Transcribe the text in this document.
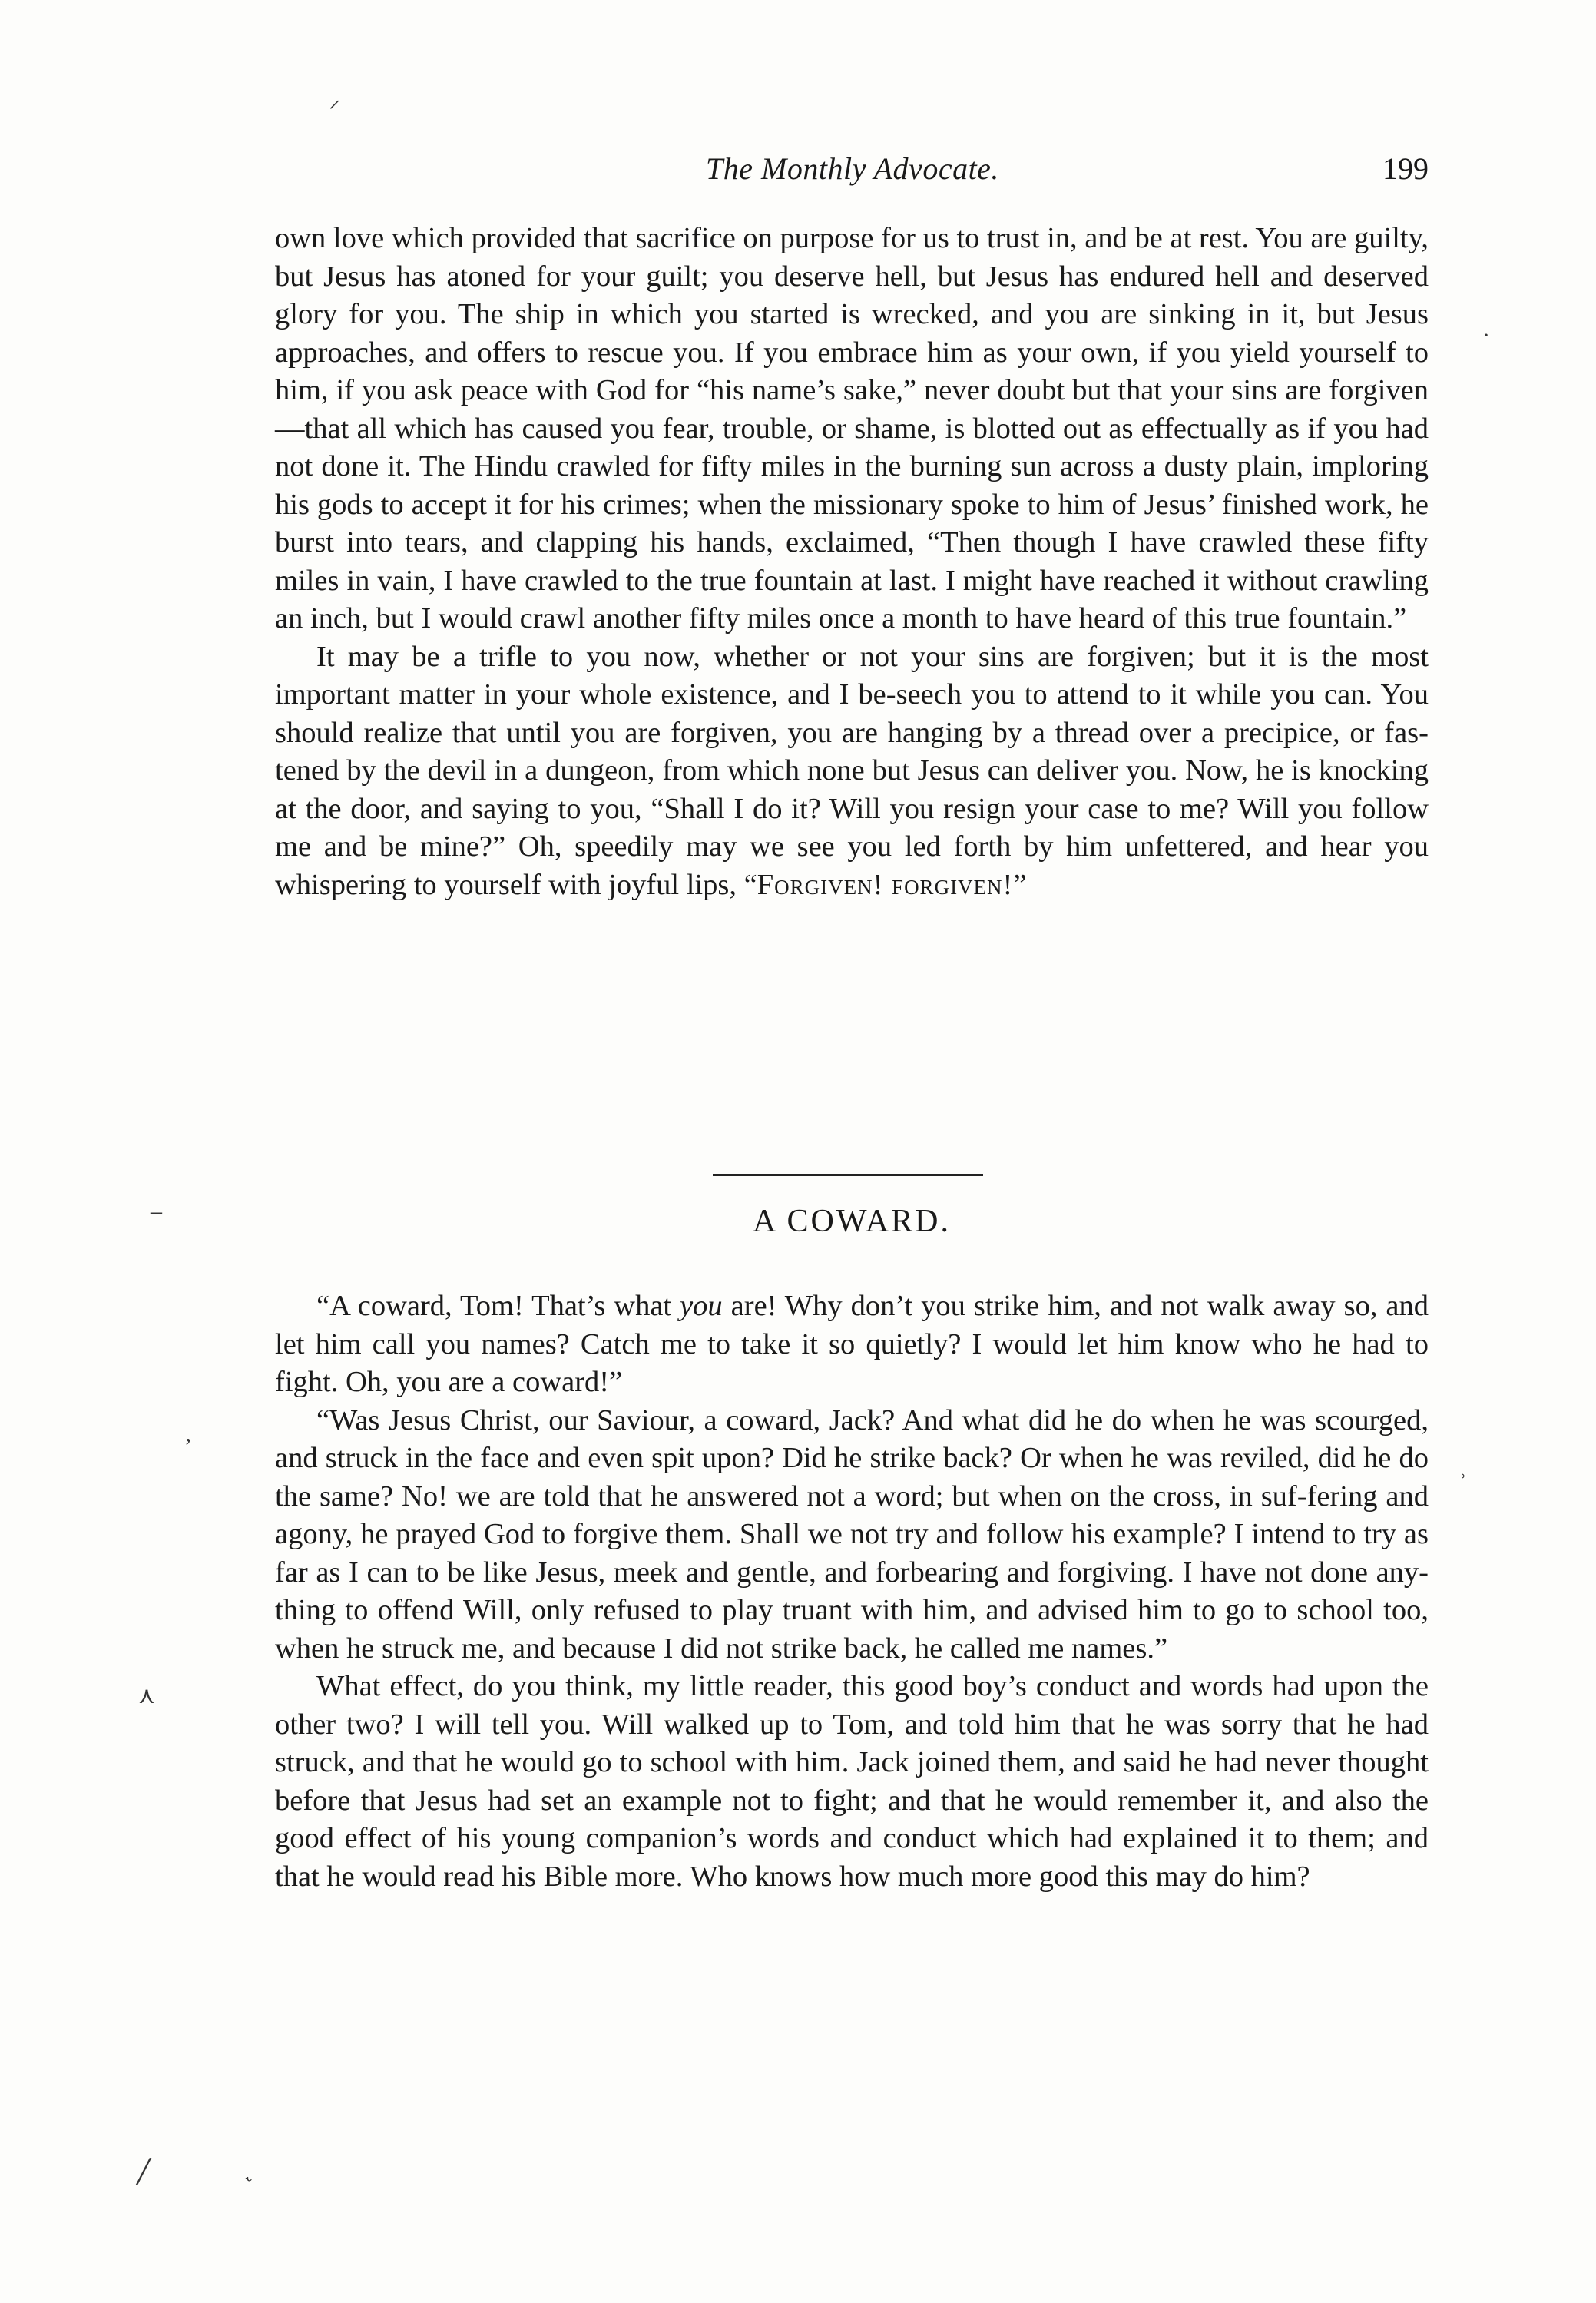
The Monthly Advocate.	199

own love which provided that sacrifice on purpose for us to trust in, and be at rest. You are guilty, but Jesus has atoned for your guilt; you deserve hell, but Jesus has endured hell and deserved glory for you. The ship in which you started is wrecked, and you are sinking in it, but Jesus approaches, and offers to rescue you. If you embrace him as your own, if you yield yourself to him, if you ask peace with God for “his name’s sake,” never doubt but that your sins are forgiven—that all which has caused you fear, trouble, or shame, is blotted out as effectually as if you had not done it. The Hindu crawled for fifty miles in the burning sun across a dusty plain, imploring his gods to accept it for his crimes; when the missionary spoke to him of Jesus’ finished work, he burst into tears, and clapping his hands, exclaimed, “Then though I have crawled these fifty miles in vain, I have crawled to the true fountain at last. I might have reached it without crawling an inch, but I would crawl another fifty miles once a month to have heard of this true fountain.”

It may be a trifle to you now, whether or not your sins are forgiven; but it is the most important matter in your whole existence, and I be-seech you to attend to it while you can. You should realize that until you are forgiven, you are hanging by a thread over a precipice, or fas-tened by the devil in a dungeon, from which none but Jesus can deliver you. Now, he is knocking at the door, and saying to you, “Shall I do it? Will you resign your case to me? Will you follow me and be mine?” Oh, speedily may we see you led forth by him unfettered, and hear you whispering to yourself with joyful lips, “Forgiven! forgiven!”

A COWARD.

“A coward, Tom! That’s what you are! Why don’t you strike him, and not walk away so, and let him call you names? Catch me to take it so quietly? I would let him know who he had to fight. Oh, you are a coward!”

“Was Jesus Christ, our Saviour, a coward, Jack? And what did he do when he was scourged, and struck in the face and even spit upon? Did he strike back? Or when he was reviled, did he do the same? No! we are told that he answered not a word; but when on the cross, in suf-fering and agony, he prayed God to forgive them. Shall we not try and follow his example? I intend to try as far as I can to be like Jesus, meek and gentle, and forbearing and forgiving. I have not done any-thing to offend Will, only refused to play truant with him, and advised him to go to school too, when he struck me, and because I did not strike back, he called me names.”

What effect, do you think, my little reader, this good boy’s conduct and words had upon the other two? I will tell you. Will walked up to Tom, and told him that he was sorry that he had struck, and that he would go to school with him. Jack joined them, and said he had never thought before that Jesus had set an example not to fight; and that he would remember it, and also the good effect of his young companion’s words and conduct which had explained it to them; and that he would read his Bible more. Who knows how much more good this may do him?

⸍
‒
‚
⋏
·
˒
╱	˞
